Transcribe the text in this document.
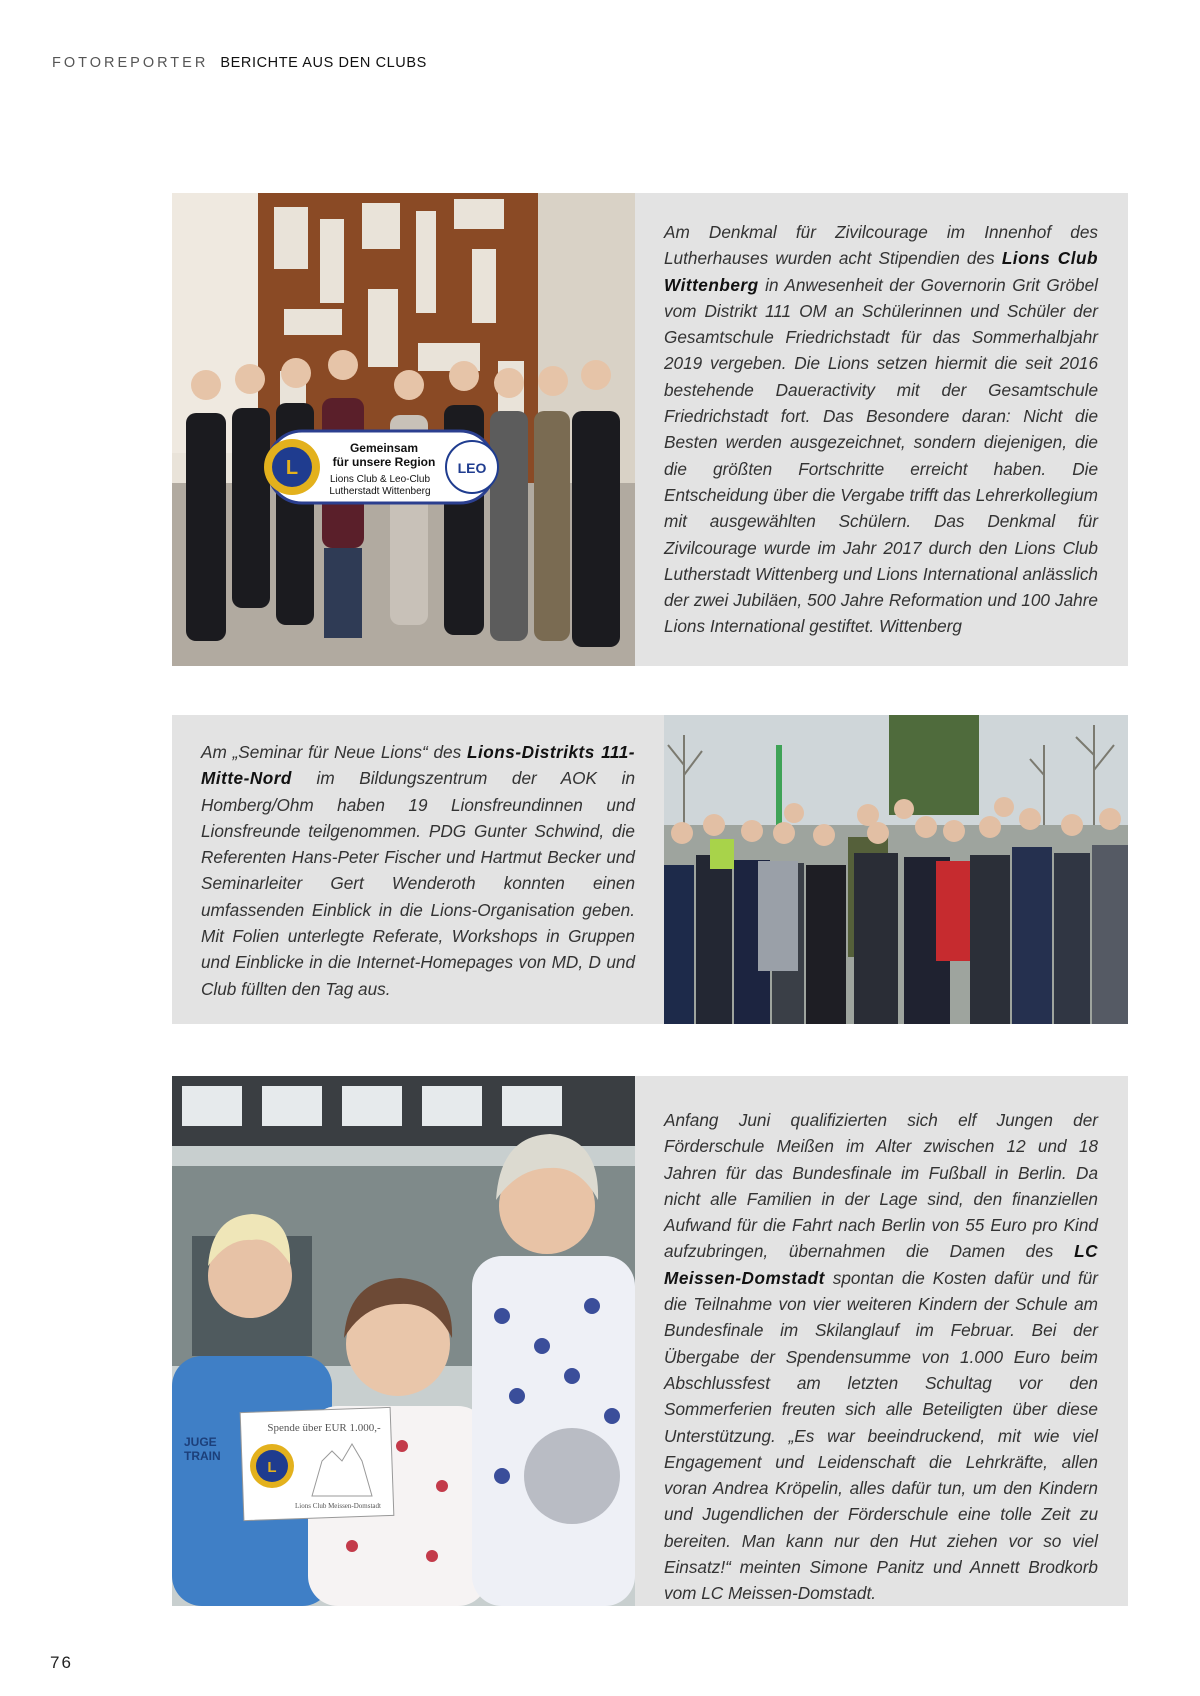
FOTOREPORTER BERICHTE AUS DEN CLUBS
L	LEO
Gemeinsam
für unsere Region
Lions Club & Leo-Club
Lutherstadt Wittenberg
Am Denkmal für Zivilcourage im Innenhof des Lutherhauses wurden acht Stipendien des Lions Club Wittenberg in Anwesenheit der Governorin Grit Gröbel vom Distrikt 111 OM an Schülerinnen und Schüler der Gesamtschule Friedrichstadt für das Sommerhalbjahr 2019 vergeben. Die Lions setzen hiermit die seit 2016 bestehende Daueractivity mit der Gesamtschule Friedrichstadt fort. Das Besondere daran: Nicht die Besten werden ausgezeichnet, sondern diejenigen, die die größten Fortschritte erreicht haben. Die Entscheidung über die Vergabe trifft das Lehrerkollegium mit ausgewählten Schülern. Das Denkmal für Zivilcourage wurde im Jahr 2017 durch den Lions Club Lutherstadt Wittenberg und Lions International anlässlich der zwei Jubiläen, 500 Jahre Reformation und 100 Jahre Lions International gestiftet. Wittenberg
Am „Seminar für Neue Lions“ des Lions-Distrikts 111-Mitte-Nord im Bildungszentrum der AOK in Homberg/Ohm haben 19 Lionsfreundinnen und Lionsfreunde teilgenommen. PDG Gunter Schwind, die Referenten Hans-Peter Fischer und Hartmut Becker und Seminarleiter Gert Wenderoth konnten einen umfassenden Einblick in die Lions-Organisation geben. Mit Folien unterlegte Referate, Workshops in Gruppen und Einblicke in die Internet-Homepages von MD, D und Club füllten den Tag aus.
JUGE
TRAIN
Spende über EUR 1.000,-
L
Lions Club Meissen-Domstadt
Anfang Juni qualifizierten sich elf Jungen der Förderschule Meißen im Alter zwischen 12 und 18 Jahren für das Bundesfinale im Fußball in Berlin. Da nicht alle Familien in der Lage sind, den finanziellen Aufwand für die Fahrt nach Berlin von 55 Euro pro Kind aufzubringen, übernahmen die Damen des LC Meissen-Domstadt spontan die Kosten dafür und für die Teilnahme von vier weiteren Kindern der Schule am Bundesfinale im Skilanglauf im Februar. Bei der Übergabe der Spendensumme von 1.000 Euro beim Abschlussfest am letzten Schultag vor den Sommerferien freuten sich alle Beteiligten über diese Unterstützung. „Es war beeindruckend, mit wie viel Engagement und Leidenschaft die Lehrkräfte, allen voran Andrea Kröpelin, alles dafür tun, um den Kindern und Jugendlichen der Förderschule eine tolle Zeit zu bereiten. Man kann nur den Hut ziehen vor so viel Einsatz!“ meinten Simone Panitz und Annett Brodkorb vom LC Meissen-Domstadt.
76
